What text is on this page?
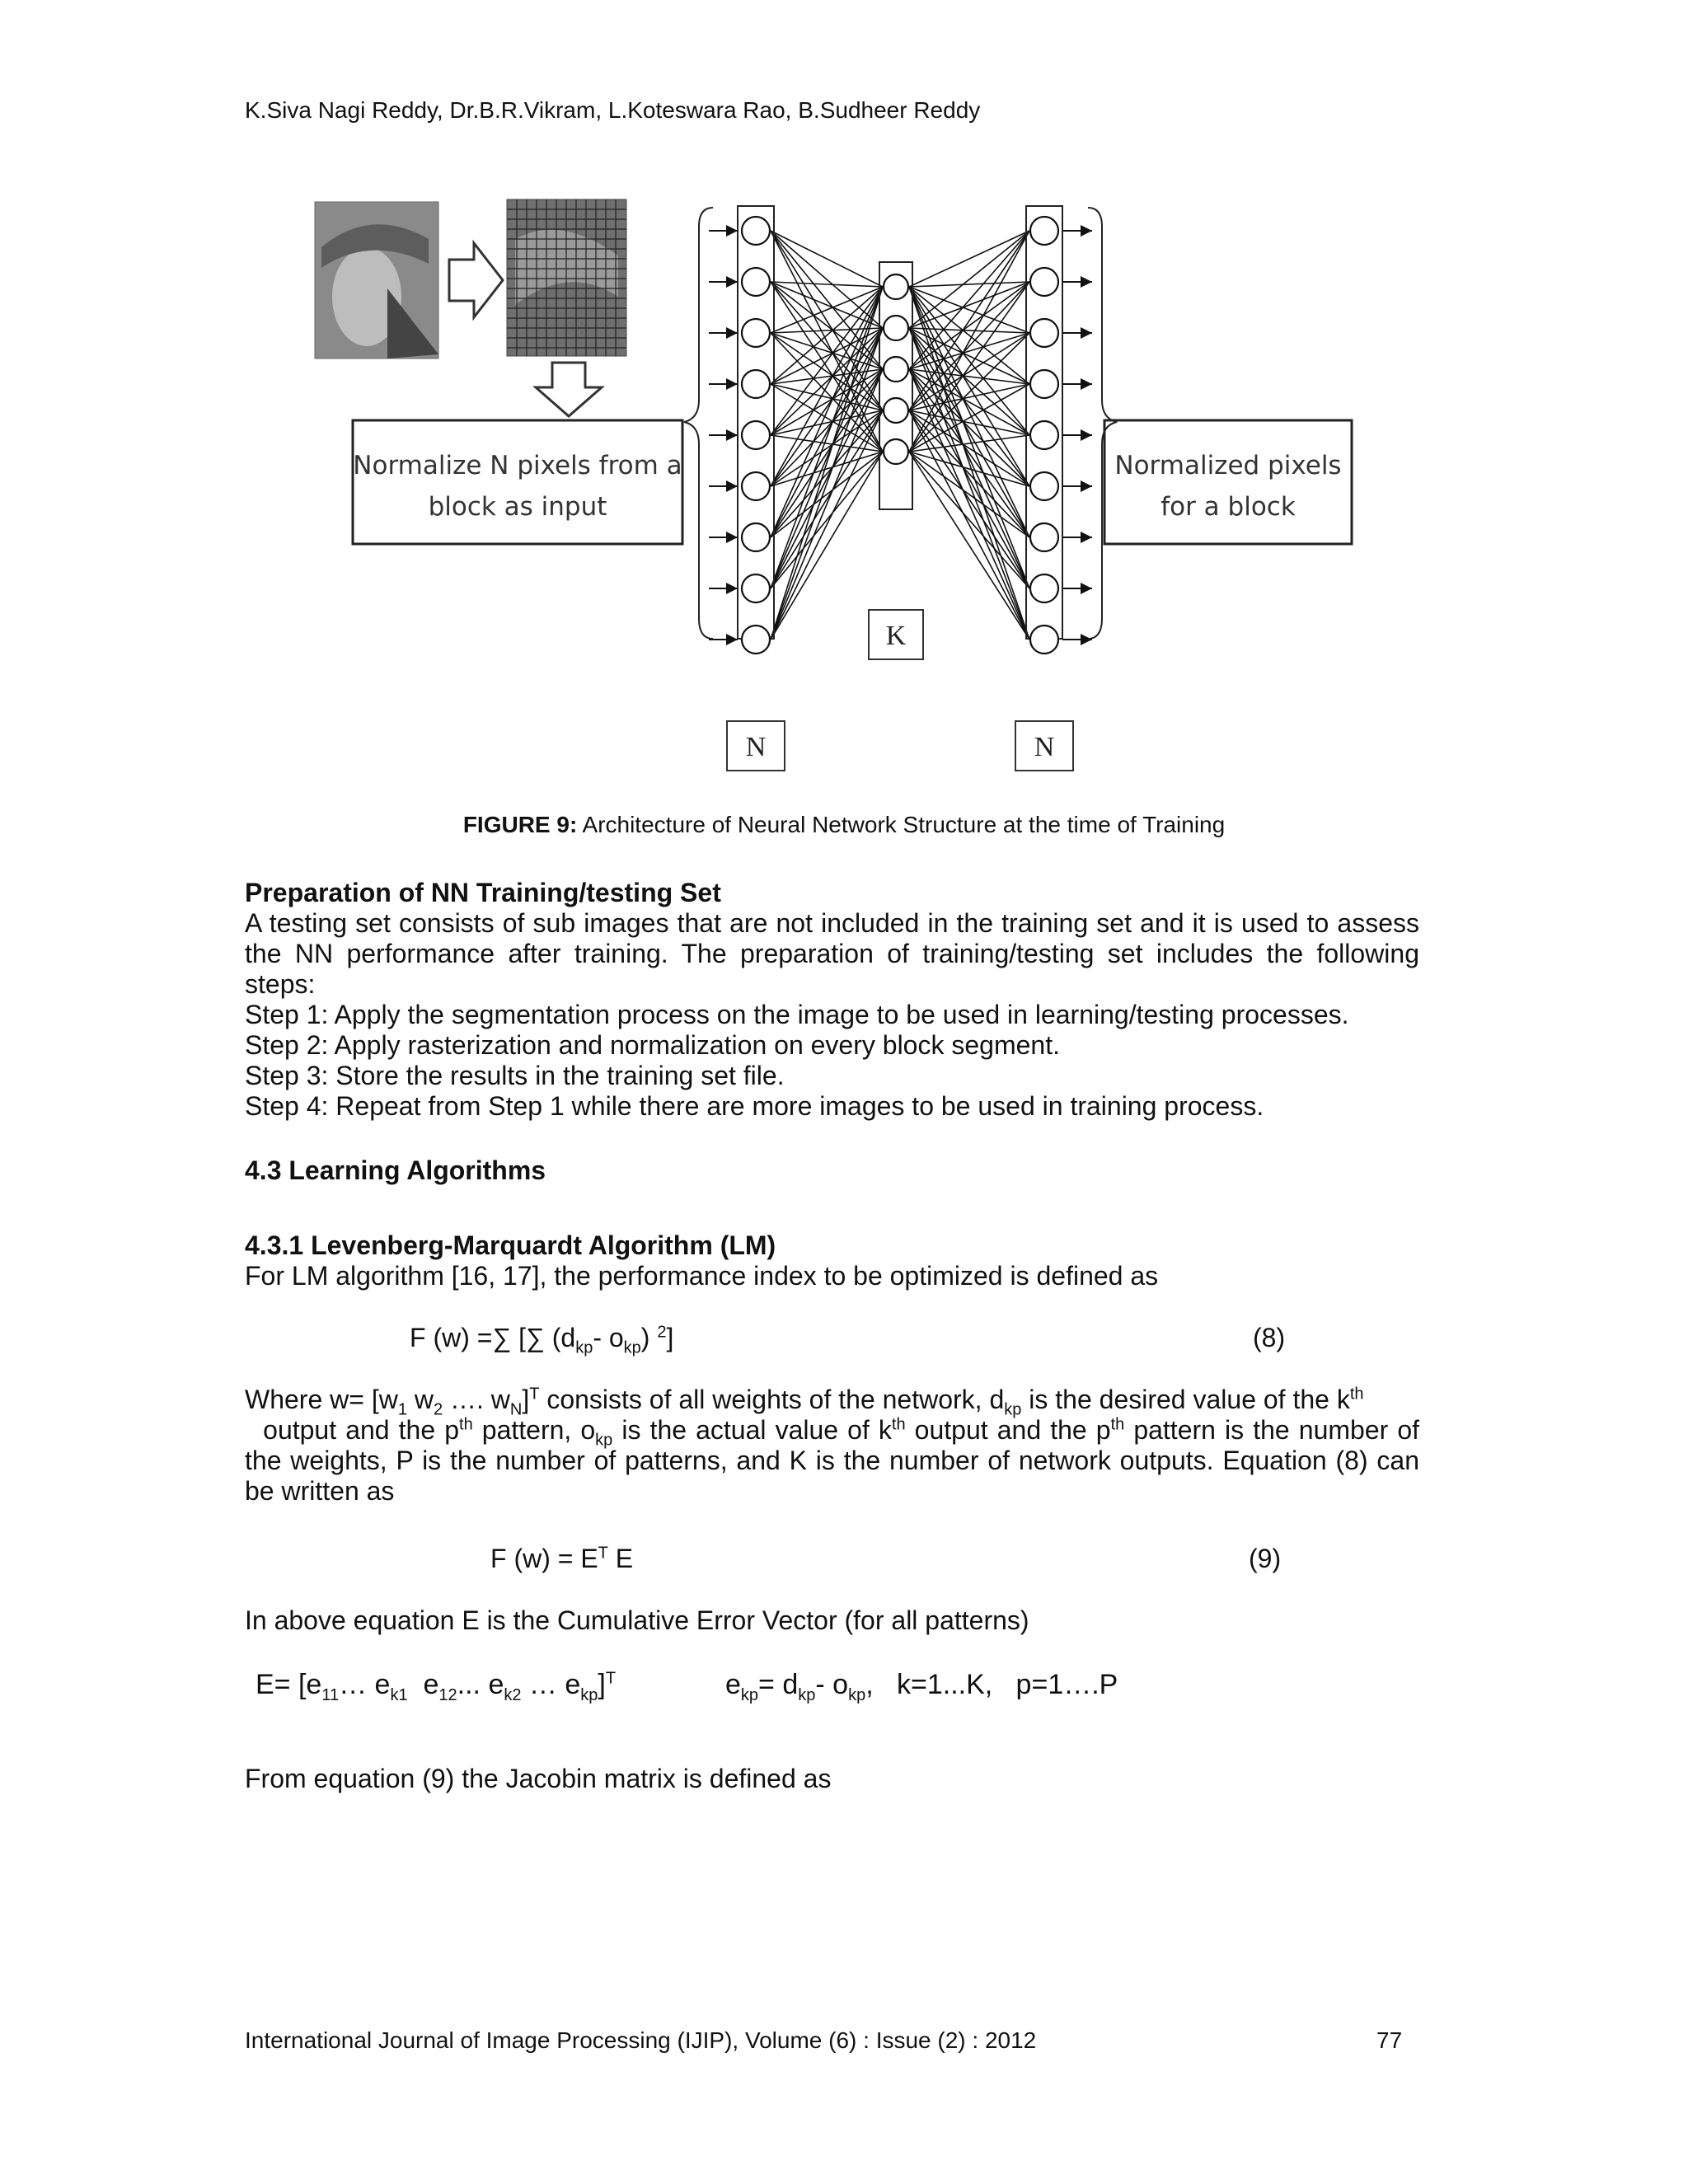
K.Siva Nagi Reddy, Dr.B.R.Vikram, L.Koteswara Rao, B.Sudheer Reddy
Normalize N pixels from a
block as input
Normalized pixels
for a block
K
N	N
FIGURE 9: Architecture of Neural Network Structure at the time of Training
Preparation of NN Training/testing Set
A testing set consists of sub images that are not included in the training set and it is used to assess the NN performance after training. The preparation of training/testing set includes the following steps:
Step 1: Apply the segmentation process on the image to be used in learning/testing processes.
Step 2: Apply rasterization and normalization on every block segment.
Step 3: Store the results in the training set file.
Step 4: Repeat from Step 1 while there are more images to be used in training process.
4.3 Learning Algorithms
4.3.1 Levenberg-Marquardt Algorithm (LM)
For LM algorithm [16, 17], the performance index to be optimized is defined as
F (w) =∑ [∑ ($d_{kp}-$ $o_{kp}$) $^2$]	(8)
Where $w= [w_1$ $w_2$ …. $w_N]^T$ consists of all weights of the network, $d_{kp}$ is the desired value of the $k^{th}$
output and the $p^{th}$ pattern, $o_{kp}$ is the actual value of $k^{th}$ output and the $p^{th}$ pattern is the number of the weights, P is the number of patterns, and K is the number of network outputs. Equation (8) can be written as
F $(w) = E^T$ E	(9)
In above equation E is the Cumulative Error Vector (for all patterns)
$E= [e_{11}\dots$ $e_{k1}$  $e_{12}$... $e_{k2}$ … $e_{kp}]^T$	$e_{kp}= d_{kp}-$ $o_{kp}$,   k=1...K,   p=1….P
From equation (9) the Jacobin matrix is defined as
International Journal of Image Processing (IJIP), Volume (6) : Issue (2) : 2012	77
